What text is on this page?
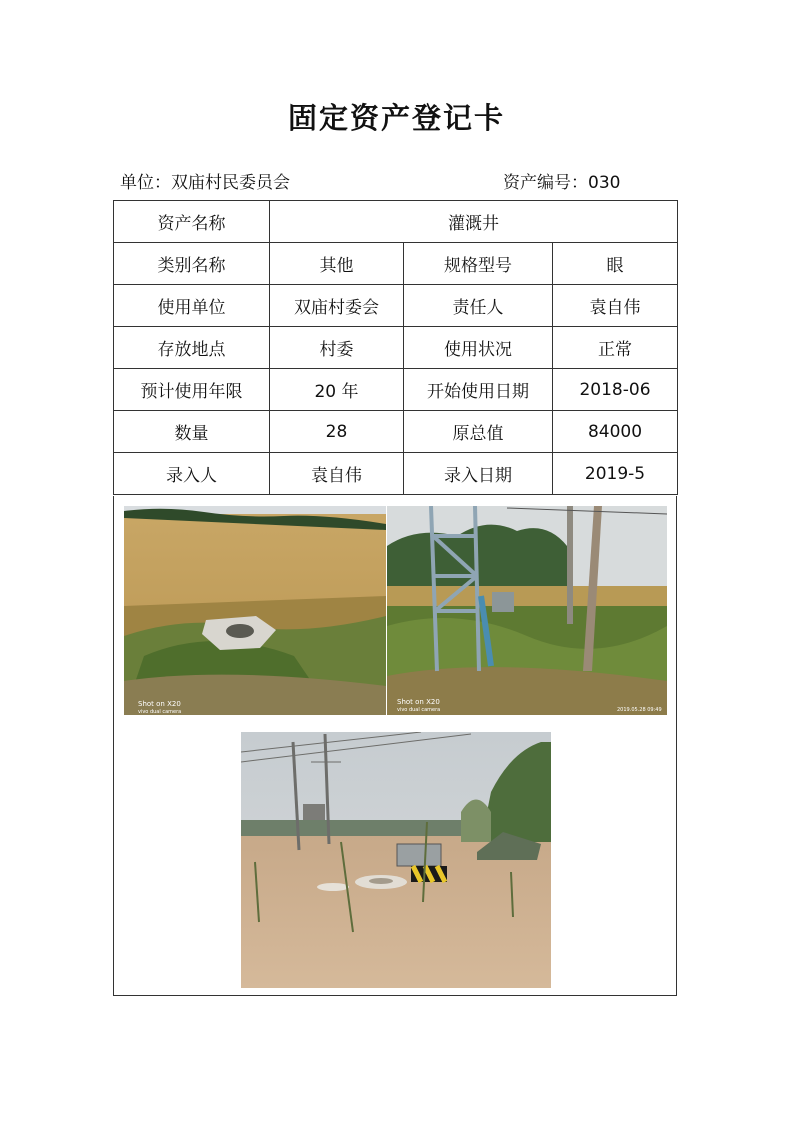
固定资产登记卡
单位：双庙村民委员会	资产编号：030
资产名称	灌溉井		
类别名称	其他	规格型号	眼
使用单位	双庙村委会	责任人	袁自伟
存放地点	村委	使用状况	正常
预计使用年限	20 年	开始使用日期	2018-06
数量	28	原总值	84000
录入人	袁自伟	录入日期	2019-5
Shot on X20
vivo dual camera
Shot on X20
vivo dual camera	2019.05.28 09:49
